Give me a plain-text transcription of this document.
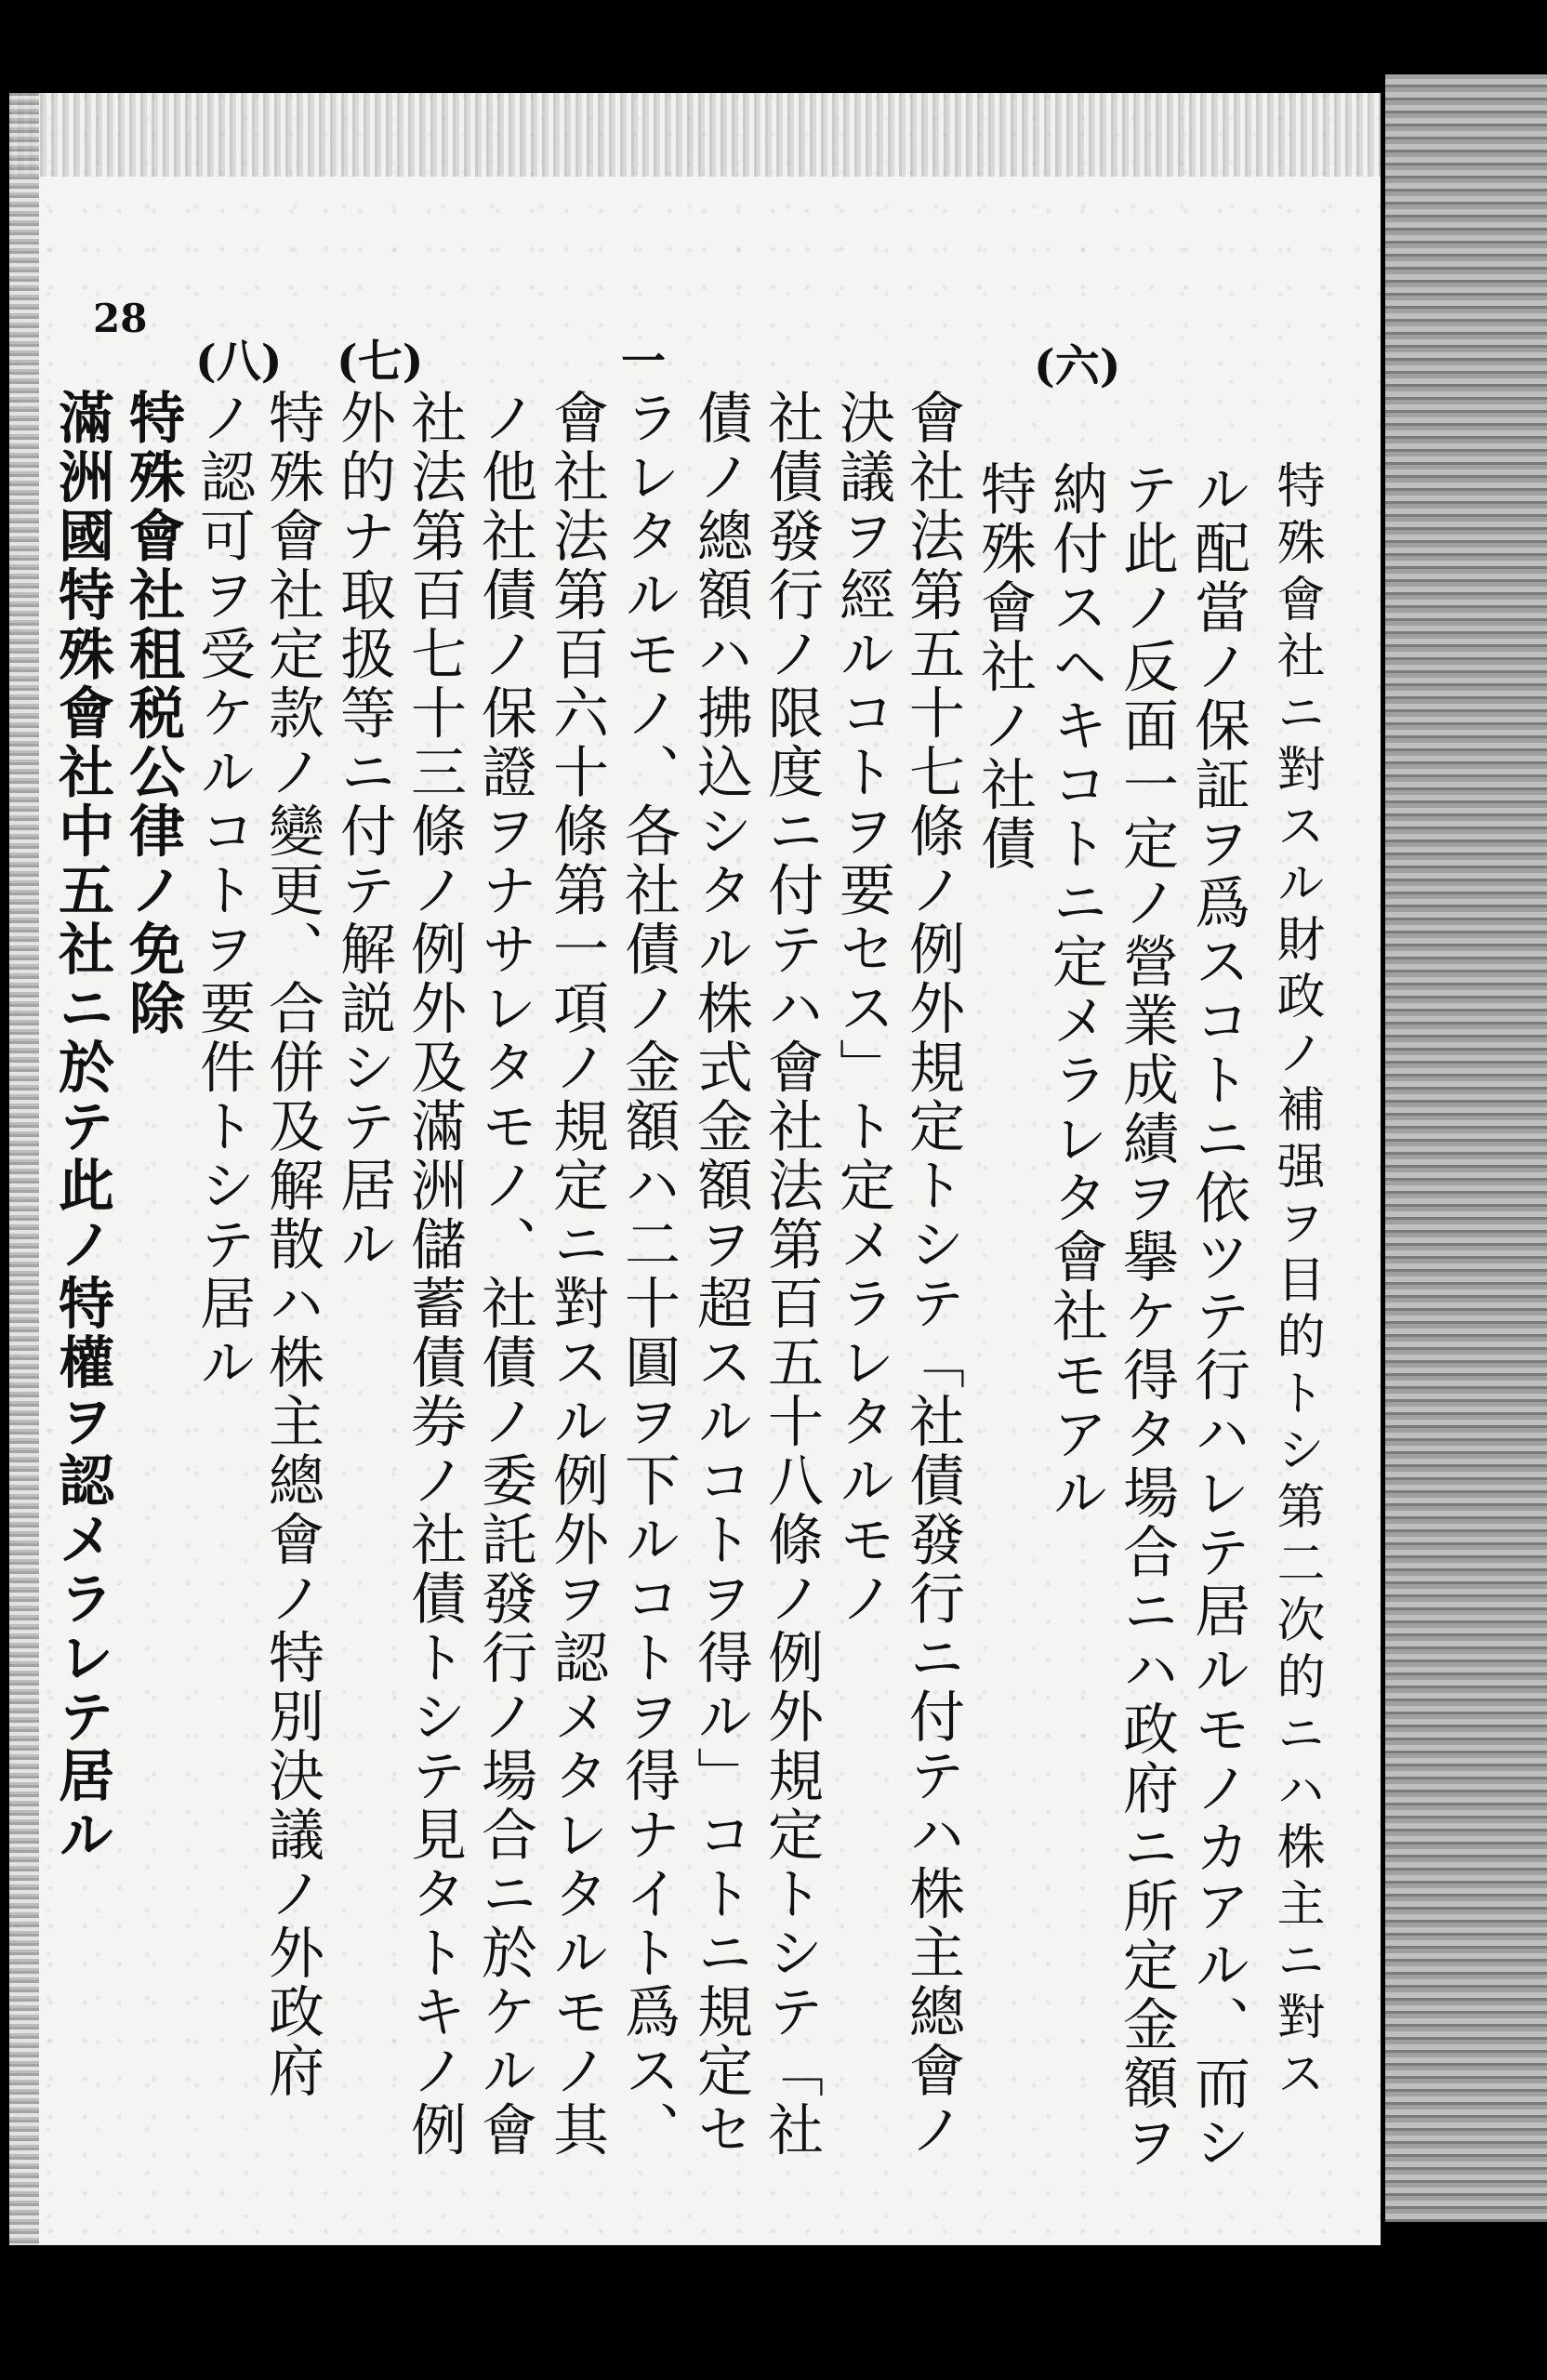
28
(六)
一
(七)
(八)
特殊會社ニ對スル財政ノ補强ヲ目的トシ第二次的ニハ株主ニ對ス
ル配當ノ保証ヲ爲スコトニ依ツテ行ハレテ居ルモノカアル、而シ
テ此ノ反面一定ノ營業成績ヲ擧ケ得タ場合ニハ政府ニ所定金額ヲ
納付スヘキコトニ定メラレタ會社モアル
特殊會社ノ社債
會社法第五十七條ノ例外規定トシテ「社債發行ニ付テハ株主總會ノ
決議ヲ經ルコトヲ要セス」ト定メラレタルモノ
社債發行ノ限度ニ付テハ會社法第百五十八條ノ例外規定トシテ「社
債ノ總額ハ拂込シタル株式金額ヲ超スルコトヲ得ル」コトニ規定セ
ラレタルモノ、各社債ノ金額ハ二十圓ヲ下ルコトヲ得ナイト爲ス、
會社法第百六十條第一項ノ規定ニ對スル例外ヲ認メタレタルモノ其
ノ他社債ノ保證ヲナサレタモノ、社債ノ委託發行ノ場合ニ於ケル會
社法第百七十三條ノ例外及滿洲儲蓄債券ノ社債トシテ見タトキノ例
外的ナ取扱等ニ付テ解説シテ居ル
特殊會社定款ノ變更、合併及解散ハ株主總會ノ特別決議ノ外政府
ノ認可ヲ受ケルコトヲ要件トシテ居ル
特殊會社租税公律ノ免除
滿洲國特殊會社中五社ニ於テ此ノ特權ヲ認メラレテ居ル
